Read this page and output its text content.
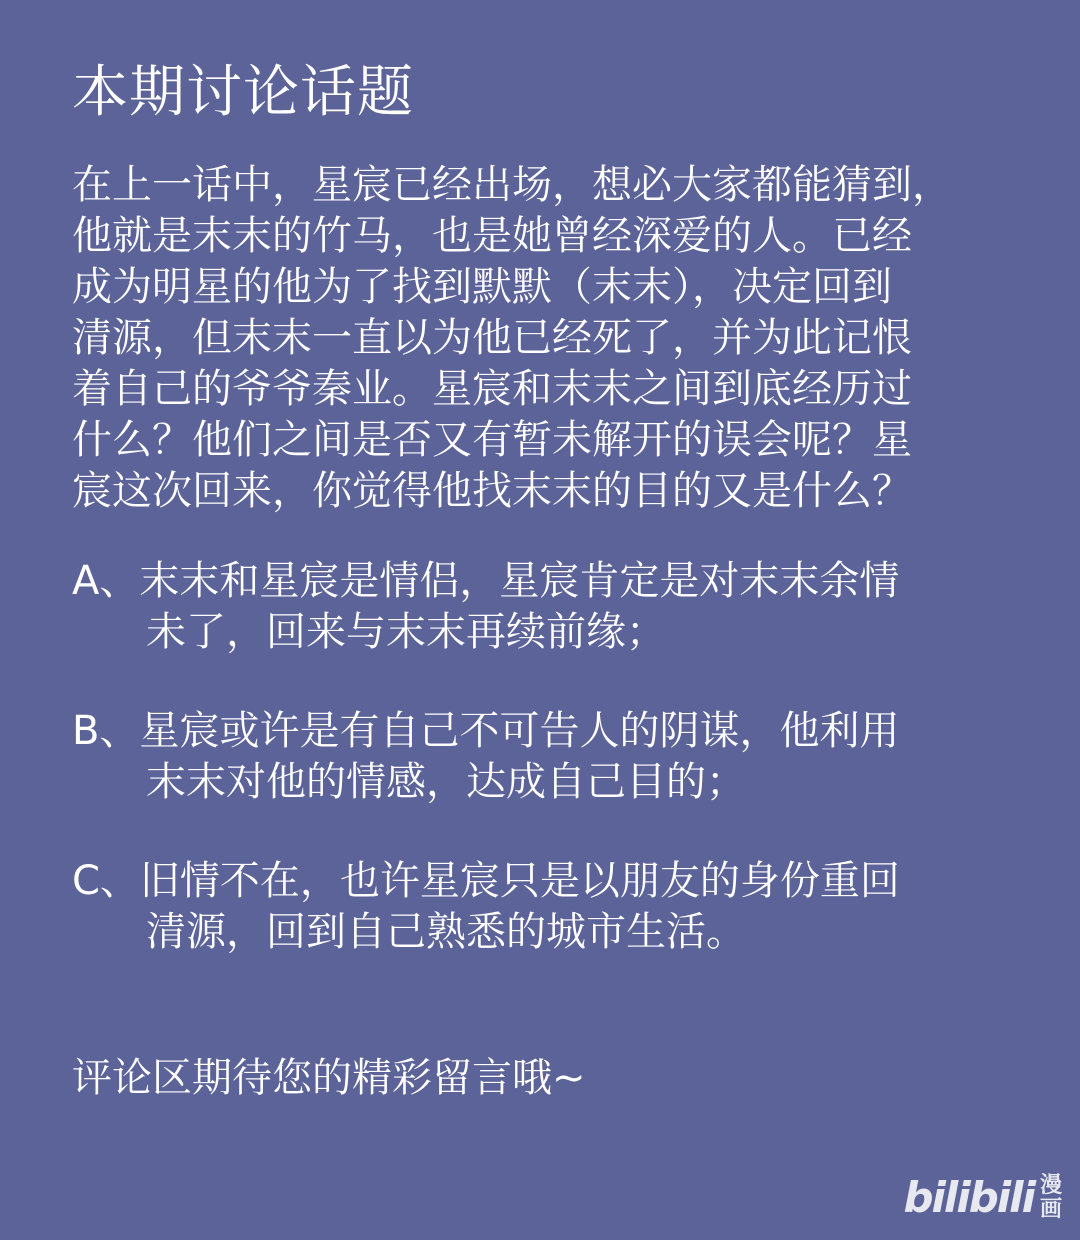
本期讨论话题
在上一话中，星宸已经出场，想必大家都能猜到，
他就是末末的竹马，也是她曾经深爱的人。已经
成为明星的他为了找到默默（末末），决定回到
清源，但末末一直以为他已经死了，并为此记恨
着自己的爷爷秦业。星宸和末末之间到底经历过
什么？他们之间是否又有暂未解开的误会呢？星
宸这次回来，你觉得他找末末的目的又是什么？
A、末末和星宸是情侣，星宸肯定是对末末余情
未了，回来与末末再续前缘；
B、星宸或许是有自己不可告人的阴谋，他利用
末末对他的情感，达成自己目的；
C、旧情不在，也许星宸只是以朋友的身份重回
清源，回到自己熟悉的城市生活。
评论区期待您的精彩留言哦~
bilibili 漫
画
